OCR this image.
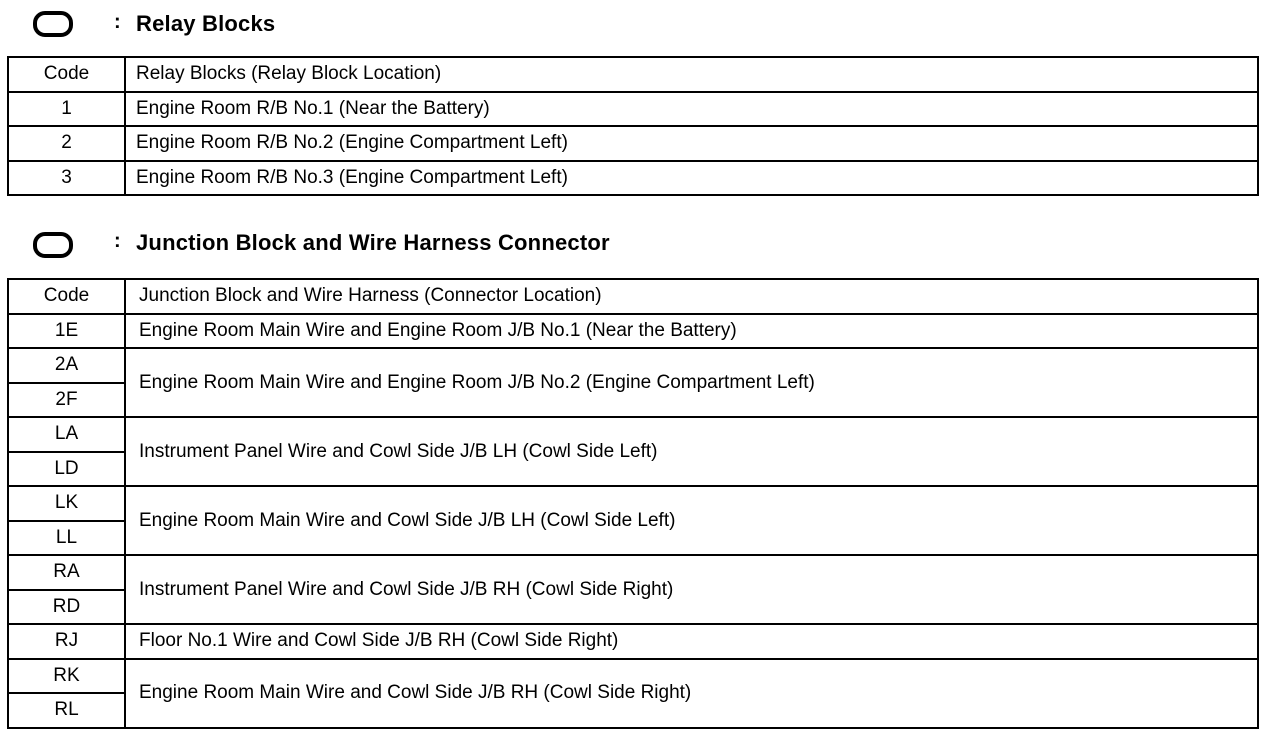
: Relay Blocks
Code	Relay Blocks (Relay Block Location)
1	Engine Room R/B No.1 (Near the Battery)
2	Engine Room R/B No.2 (Engine Compartment Left)
3	Engine Room R/B No.3 (Engine Compartment Left)
: Junction Block and Wire Harness Connector
Code	Junction Block and Wire Harness (Connector Location)
1E	Engine Room Main Wire and Engine Room J/B No.1 (Near the Battery)
2A	Engine Room Main Wire and Engine Room J/B No.2 (Engine Compartment Left)
2F	
LA	Instrument Panel Wire and Cowl Side J/B LH (Cowl Side Left)
LD	
LK	Engine Room Main Wire and Cowl Side J/B LH (Cowl Side Left)
LL	
RA	Instrument Panel Wire and Cowl Side J/B RH (Cowl Side Right)
RD	
RJ	Floor No.1 Wire and Cowl Side J/B RH (Cowl Side Right)
RK	Engine Room Main Wire and Cowl Side J/B RH (Cowl Side Right)
RL	
